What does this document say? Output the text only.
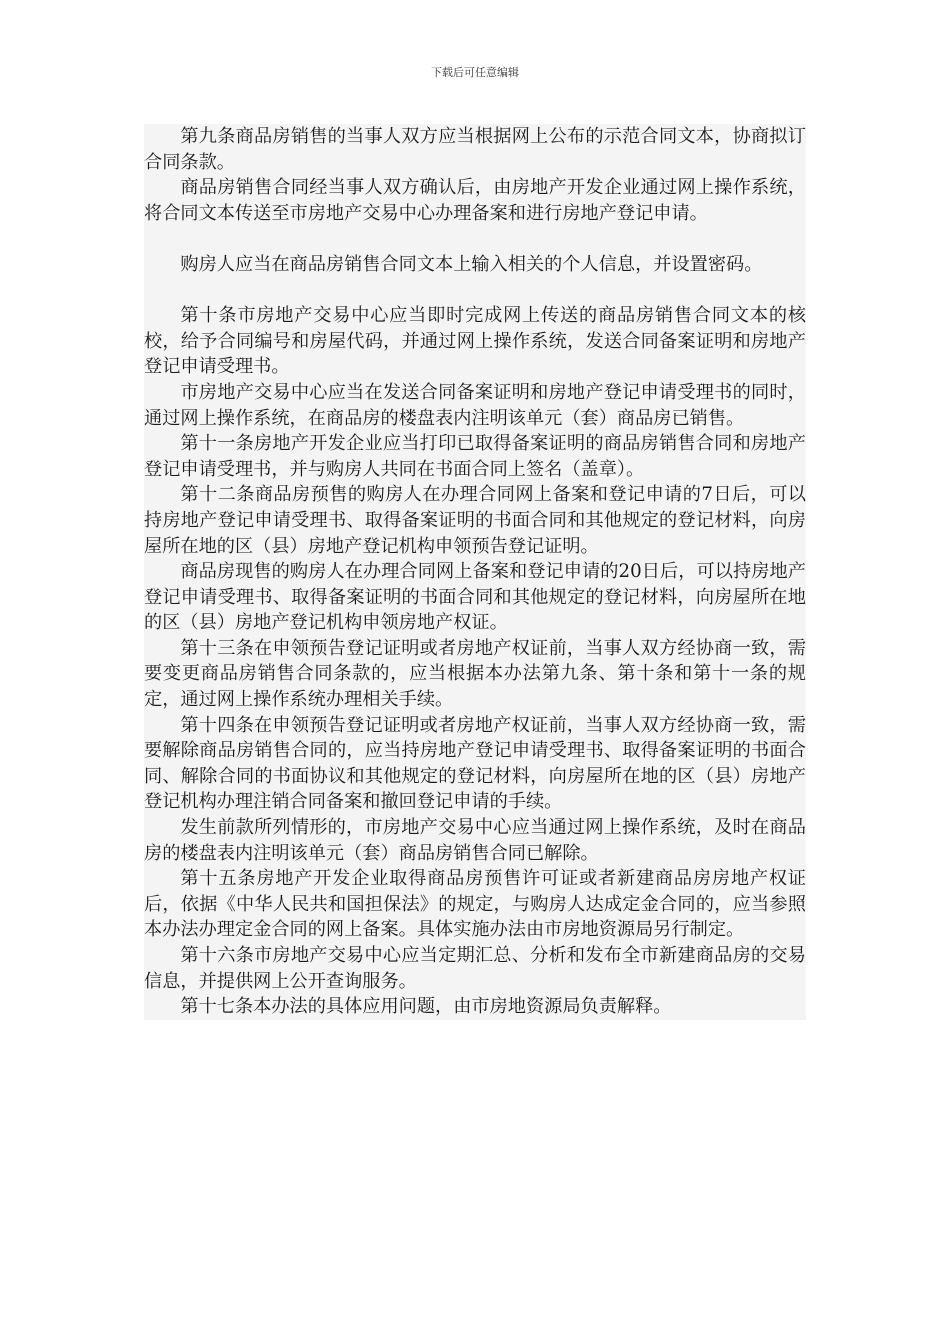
下载后可任意编辑

第九条商品房销售的当事人双方应当根据网上公布的示范合同文本，协商拟订合同条款。

商品房销售合同经当事人双方确认后，由房地产开发企业通过网上操作系统，将合同文本传送至市房地产交易中心办理备案和进行房地产登记申请。

购房人应当在商品房销售合同文本上输入相关的个人信息，并设置密码。

第十条市房地产交易中心应当即时完成网上传送的商品房销售合同文本的核校，给予合同编号和房屋代码，并通过网上操作系统，发送合同备案证明和房地产登记申请受理书。

市房地产交易中心应当在发送合同备案证明和房地产登记申请受理书的同时，通过网上操作系统，在商品房的楼盘表内注明该单元（套）商品房已销售。

第十一条房地产开发企业应当打印已取得备案证明的商品房销售合同和房地产登记申请受理书，并与购房人共同在书面合同上签名（盖章）。

第十二条商品房预售的购房人在办理合同网上备案和登记申请的7日后，可以持房地产登记申请受理书、取得备案证明的书面合同和其他规定的登记材料，向房屋所在地的区（县）房地产登记机构申领预告登记证明。

商品房现售的购房人在办理合同网上备案和登记申请的20日后，可以持房地产登记申请受理书、取得备案证明的书面合同和其他规定的登记材料，向房屋所在地的区（县）房地产登记机构申领房地产权证。

第十三条在申领预告登记证明或者房地产权证前，当事人双方经协商一致，需要变更商品房销售合同条款的，应当根据本办法第九条、第十条和第十一条的规定，通过网上操作系统办理相关手续。

第十四条在申领预告登记证明或者房地产权证前，当事人双方经协商一致，需要解除商品房销售合同的，应当持房地产登记申请受理书、取得备案证明的书面合同、解除合同的书面协议和其他规定的登记材料，向房屋所在地的区（县）房地产登记机构办理注销合同备案和撤回登记申请的手续。

发生前款所列情形的，市房地产交易中心应当通过网上操作系统，及时在商品房的楼盘表内注明该单元（套）商品房销售合同已解除。

第十五条房地产开发企业取得商品房预售许可证或者新建商品房房地产权证后，依据《中华人民共和国担保法》的规定，与购房人达成定金合同的，应当参照本办法办理定金合同的网上备案。具体实施办法由市房地资源局另行制定。

第十六条市房地产交易中心应当定期汇总、分析和发布全市新建商品房的交易信息，并提供网上公开查询服务。

第十七条本办法的具体应用问题，由市房地资源局负责解释。
